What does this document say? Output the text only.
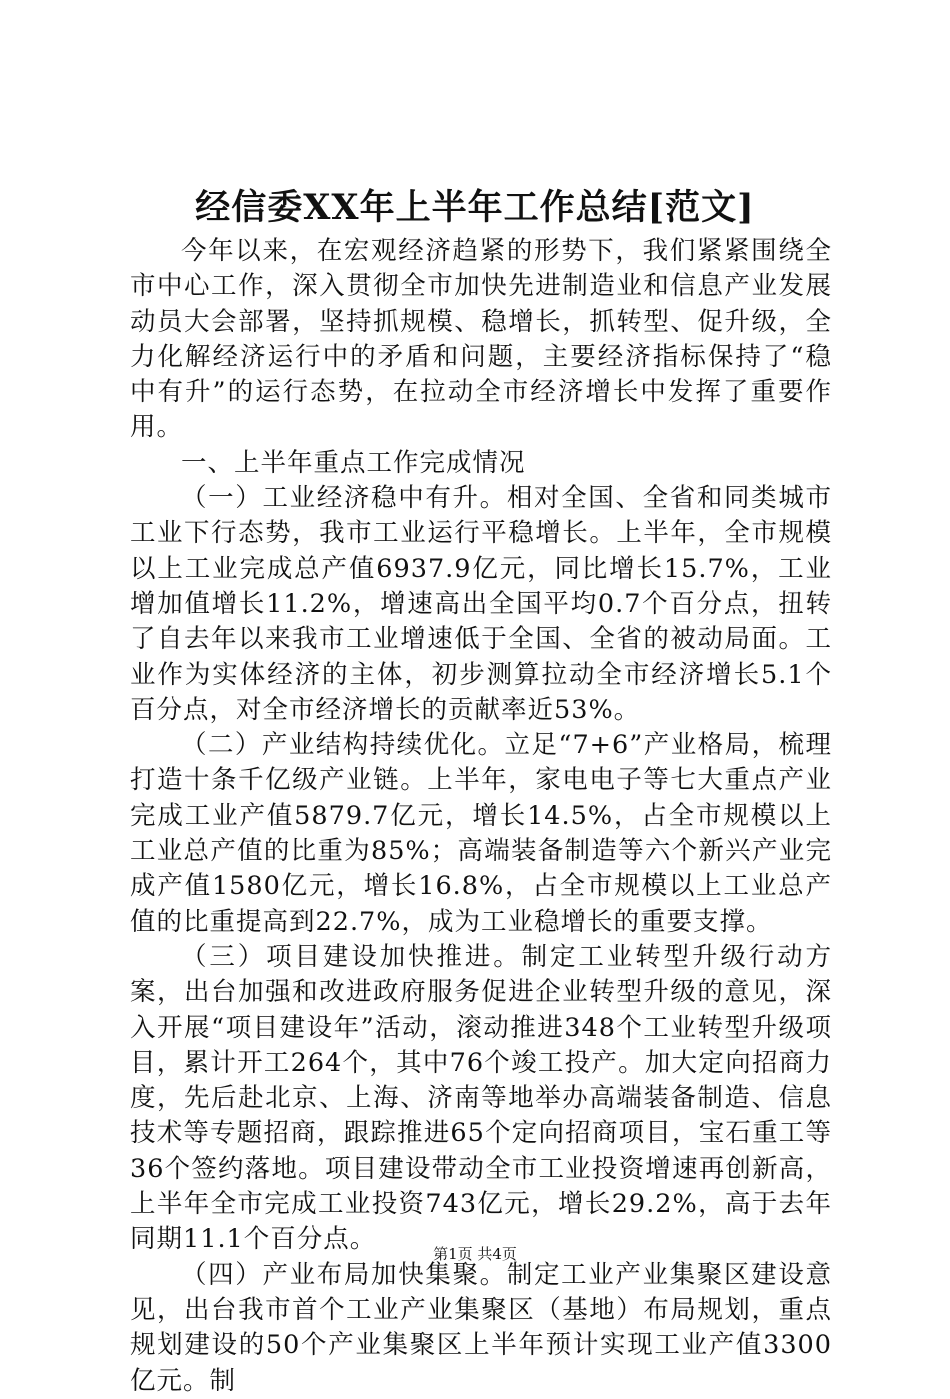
经信委XX年上半年工作总结[范文]

今年以来，在宏观经济趋紧的形势下，我们紧紧围绕全市中心工作，深入贯彻全市加快先进制造业和信息产业发展动员大会部署，坚持抓规模、稳增长，抓转型、促升级，全力化解经济运行中的矛盾和问题，主要经济指标保持了“稳中有升”的运行态势，在拉动全市经济增长中发挥了重要作用。

一、上半年重点工作完成情况

（一）工业经济稳中有升。相对全国、全省和同类城市工业下行态势，我市工业运行平稳增长。上半年，全市规模以上工业完成总产值6937.9亿元，同比增长15.7%，工业增加值增长11.2%，增速高出全国平均0.7个百分点，扭转了自去年以来我市工业增速低于全国、全省的被动局面。工业作为实体经济的主体，初步测算拉动全市经济增长5.1个百分点，对全市经济增长的贡献率近53%。

（二）产业结构持续优化。立足“7+6”产业格局，梳理打造十条千亿级产业链。上半年，家电电子等七大重点产业完成工业产值5879.7亿元，增长14.5%，占全市规模以上工业总产值的比重为85%；高端装备制造等六个新兴产业完成产值1580亿元，增长16.8%，占全市规模以上工业总产值的比重提高到22.7%，成为工业稳增长的重要支撑。

（三）项目建设加快推进。制定工业转型升级行动方案，出台加强和改进政府服务促进企业转型升级的意见，深入开展“项目建设年”活动，滚动推进348个工业转型升级项目，累计开工264个，其中76个竣工投产。加大定向招商力度，先后赴北京、上海、济南等地举办高端装备制造、信息技术等专题招商，跟踪推进65个定向招商项目，宝石重工等36个签约落地。项目建设带动全市工业投资增速再创新高，上半年全市完成工业投资743亿元，增长29.2%，高于去年同期11.1个百分点。

（四）产业布局加快集聚。制定工业产业集聚区建设意见，出台我市首个工业产业集聚区（基地）布局规划，重点规划建设的50个产业集聚区上半年预计实现工业产值3300亿元。制

第1页 共4页
